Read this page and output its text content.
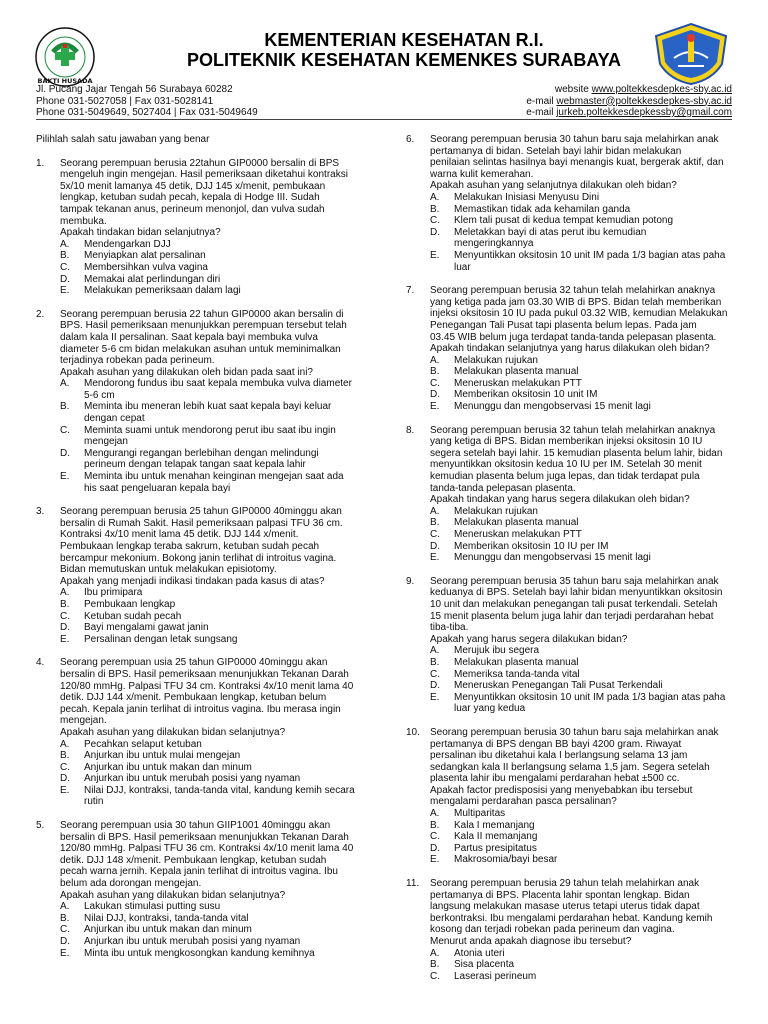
BAKTI HUSADA
KEMENTERIAN KESEHATAN R.I.
POLITEKNIK KESEHATAN KEMENKES SURABAYA
Jl. Pucang Jajar Tengah 56 Surabaya 60282
Phone 031-5027058 | Fax 031-5028141
Phone 031-5049649, 5027404 | Fax 031-5049649
website www.poltekkesdepkes-sby.ac.id
e-mail webmaster@poltekkesdepkes-sby.ac.id
e-mail jurkeb.poltekkesdepkessby@gmail.com
Pilihlah salah satu jawaban yang benar
1. Seorang perempuan berusia 22tahun GIP0000 bersalin di BPS
mengeluh ingin mengejan. Hasil pemeriksaan diketahui kontraksi
5x/10 menit lamanya 45 detik, DJJ 145 x/menit, pembukaan
lengkap, ketuban sudah pecah, kepala di Hodge III. Sudah
tampak tekanan anus, perineum menonjol, dan vulva sudah
membuka.
Apakah tindakan bidan selanjutnya?
A. Mendengarkan DJJ
B. Menyiapkan alat persalinan
C. Membersihkan vulva vagina
D. Memakai alat perlindungan diri
E. Melakukan pemeriksaan dalam lagi
2. Seorang perempuan berusia 22 tahun GIP0000 akan bersalin di
BPS. Hasil pemeriksaan menunjukkan perempuan tersebut telah
dalam kala II persalinan. Saat kepala bayi membuka vulva
diameter 5-6 cm bidan melakukan asuhan untuk meminimalkan
terjadinya robekan pada perineum.
Apakah asuhan yang dilakukan oleh bidan pada saat ini?
A. Mendorong fundus ibu saat kepala membuka vulva diameter
5-6 cm
B. Meminta ibu meneran lebih kuat saat kepala bayi keluar
dengan cepat
C. Meminta suami untuk mendorong perut ibu saat ibu ingin
mengejan
D. Mengurangi regangan berlebihan dengan melindungi
perineum dengan telapak tangan saat kepala lahir
E. Meminta ibu untuk menahan keinginan mengejan saat ada
his saat pengeluaran kepala bayi
3. Seorang perempuan berusia 25 tahun GIP0000 40minggu akan
bersalin di Rumah Sakit. Hasil pemeriksaan palpasi TFU 36 cm.
Kontraksi 4x/10 menit lama 45 detik. DJJ 144 x/menit.
Pembukaan lengkap teraba sakrum, ketuban sudah pecah
bercampur mekonium. Bokong janin terlihat di introitus vagina.
Bidan memutuskan untuk melakukan episiotomy.
Apakah yang menjadi indikasi tindakan pada kasus di atas?
A. Ibu primipara
B. Pembukaan lengkap
C. Ketuban sudah pecah
D. Bayi mengalami gawat janin
E. Persalinan dengan letak sungsang
4. Seorang perempuan usia 25 tahun GIP0000 40minggu akan
bersalin di BPS. Hasil pemeriksaan menunjukkan Tekanan Darah
120/80 mmHg. Palpasi TFU 34 cm. Kontraksi 4x/10 menit lama 40
detik. DJJ 144 x/menit. Pembukaan lengkap, ketuban belum
pecah. Kepala janin terlihat di introitus vagina. Ibu merasa ingin
mengejan.
Apakah asuhan yang dilakukan bidan selanjutnya?
A. Pecahkan selaput ketuban
B. Anjurkan ibu untuk mulai mengejan
C. Anjurkan ibu untuk makan dan minum
D. Anjurkan ibu untuk merubah posisi yang nyaman
E. Nilai DJJ, kontraksi, tanda-tanda vital, kandung kemih secara
rutin
5. Seorang perempuan usia 30 tahun GIIP1001 40minggu akan
bersalin di BPS. Hasil pemeriksaan menunjukkan Tekanan Darah
120/80 mmHg. Palpasi TFU 36 cm. Kontraksi 4x/10 menit lama 40
detik. DJJ 148 x/menit. Pembukaan lengkap, ketuban sudah
pecah warna jernih. Kepala janin terlihat di introitus vagina. Ibu
belum ada dorongan mengejan.
Apakah asuhan yang dilakukan bidan selanjutnya?
A. Lakukan stimulasi putting susu
B. Nilai DJJ, kontraksi, tanda-tanda vital
C. Anjurkan ibu untuk makan dan minum
D. Anjurkan ibu untuk merubah posisi yang nyaman
E. Minta ibu untuk mengkosongkan kandung kemihnya
6. Seorang perempuan berusia 30 tahun baru saja melahirkan anak
pertamanya di bidan. Setelah bayi lahir bidan melakukan
penilaian selintas hasilnya bayi menangis kuat, bergerak aktif, dan
warna kulit kemerahan.
Apakah asuhan yang selanjutnya dilakukan oleh bidan?
A. Melakukan Inisiasi Menyusu Dini
B. Memastikan tidak ada kehamilan ganda
C. Klem tali pusat di kedua tempat kemudian potong
D. Meletakkan bayi di atas perut ibu kemudian
mengeringkannya
E. Menyuntikkan oksitosin 10 unit IM pada 1/3 bagian atas paha
luar
7. Seorang perempuan berusia 32 tahun telah melahirkan anaknya
yang ketiga pada jam 03.30 WIB di BPS. Bidan telah memberikan
injeksi oksitosin 10 IU pada pukul 03.32 WIB, kemudian Melakukan
Penegangan Tali Pusat tapi plasenta belum lepas. Pada jam
03.45 WIB belum juga terdapat tanda-tanda pelepasan plasenta.
Apakah tindakan selanjutnya yang harus dilakukan oleh bidan?
A. Melakukan rujukan
B. Melakukan plasenta manual
C. Meneruskan melakukan PTT
D. Memberikan oksitosin 10 unit IM
E. Menunggu dan mengobservasi 15 menit lagi
8. Seorang perempuan berusia 32 tahun telah melahirkan anaknya
yang ketiga di BPS. Bidan memberikan injeksi oksitosin 10 IU
segera setelah bayi lahir. 15 kemudian plasenta belum lahir, bidan
menyuntikkan oksitosin kedua 10 IU per IM. Setelah 30 menit
kemudian plasenta belum juga lepas, dan tidak terdapat pula
tanda-tanda pelepasan plasenta.
Apakah tindakan yang harus segera dilakukan oleh bidan?
A. Melakukan rujukan
B. Melakukan plasenta manual
C. Meneruskan melakukan PTT
D. Memberikan oksitosin 10 IU per IM
E. Menunggu dan mengobservasi 15 menit lagi
9. Seorang perempuan berusia 35 tahun baru saja melahirkan anak
keduanya di BPS. Setelah bayi lahir bidan menyuntikkan oksitosin
10 unit dan melakukan penegangan tali pusat terkendali. Setelah
15 menit plasenta belum juga lahir dan terjadi perdarahan hebat
tiba-tiba.
Apakah yang harus segera dilakukan bidan?
A. Merujuk ibu segera
B. Melakukan plasenta manual
C. Memeriksa tanda-tanda vital
D. Meneruskan Penegangan Tali Pusat Terkendali
E. Menyuntikkan oksitosin 10 unit IM pada 1/3 bagian atas paha
luar yang kedua
10. Seorang perempuan berusia 30 tahun baru saja melahirkan anak
pertamanya di BPS dengan BB bayi 4200 gram. Riwayat
persalinan ibu diketahui kala I berlangsung selama 13 jam
sedangkan kala II berlangsung selama 1,5 jam. Segera setelah
plasenta lahir ibu mengalami perdarahan hebat ±500 cc.
Apakah factor predisposisi yang menyebabkan ibu tersebut
mengalami perdarahan pasca persalinan?
A. Multiparitas
B. Kala I memanjang
C. Kala II memanjang
D. Partus presipitatus
E. Makrosomia/bayi besar
11. Seorang perempuan berusia 29 tahun telah melahirkan anak
pertamanya di BPS. Placenta lahir spontan lengkap. Bidan
langsung melakukan masase uterus tetapi uterus tidak dapat
berkontraksi. Ibu mengalami perdarahan hebat. Kandung kemih
kosong dan terjadi robekan pada perineum dan vagina.
Menurut anda apakah diagnose ibu tersebut?
A. Atonia uteri
B. Sisa placenta
C. Laserasi perineum
